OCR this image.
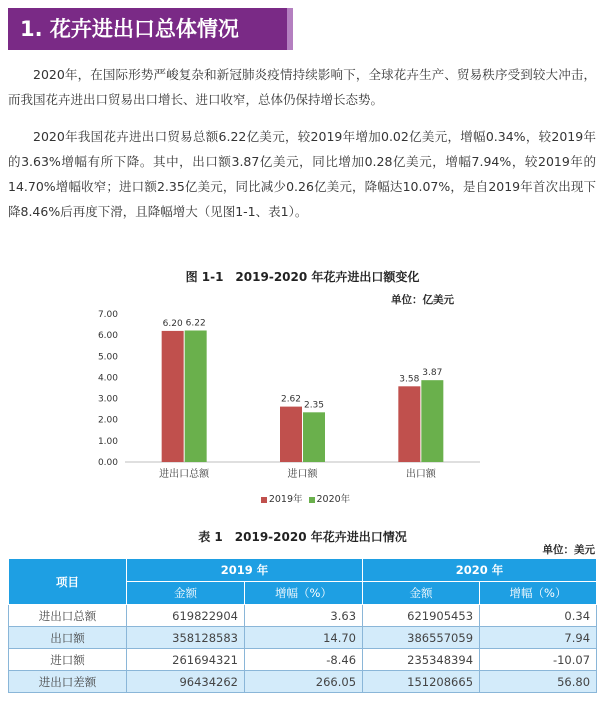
1. 花卉进出口总体情况

2020年，在国际形势严峻复杂和新冠肺炎疫情持续影响下，全球花卉生产、贸易秩序受到较大冲击，而我国花卉进出口贸易出口增长、进口收窄，总体仍保持增长态势。

2020年我国花卉进出口贸易总额6.22亿美元，较2019年增加0.02亿美元，增幅0.34%，较2019年的3.63%增幅有所下降。其中，出口额3.87亿美元，同比增加0.28亿美元，增幅7.94%，较2019年的14.70%增幅收窄；进口额2.35亿美元，同比减少0.26亿美元，降幅达10.07%，是自2019年首次出现下降8.46%后再度下滑，且降幅增大（见图1-1、表1）。

图 1-1　2019-2020 年花卉进出口额变化
单位：亿美元
0.00
1.00
2.00
3.00
4.00
5.00
6.00
7.00
6.20 6.22
进出口总额
2.62
2.35
进口额
3.58
3.87
出口额
2019年 2020年
表 1　2019-2020 年花卉进出口情况
单位：美元
项目	2019 年		2020 年	
	金额	增幅（%）	金额	增幅（%）
进出口总额	619822904	3.63	621905453	0.34
出口额	358128583	14.70	386557059	7.94
进口额	261694321	-8.46	235348394	-10.07
进出口差额	96434262	266.05	151208665	56.80
